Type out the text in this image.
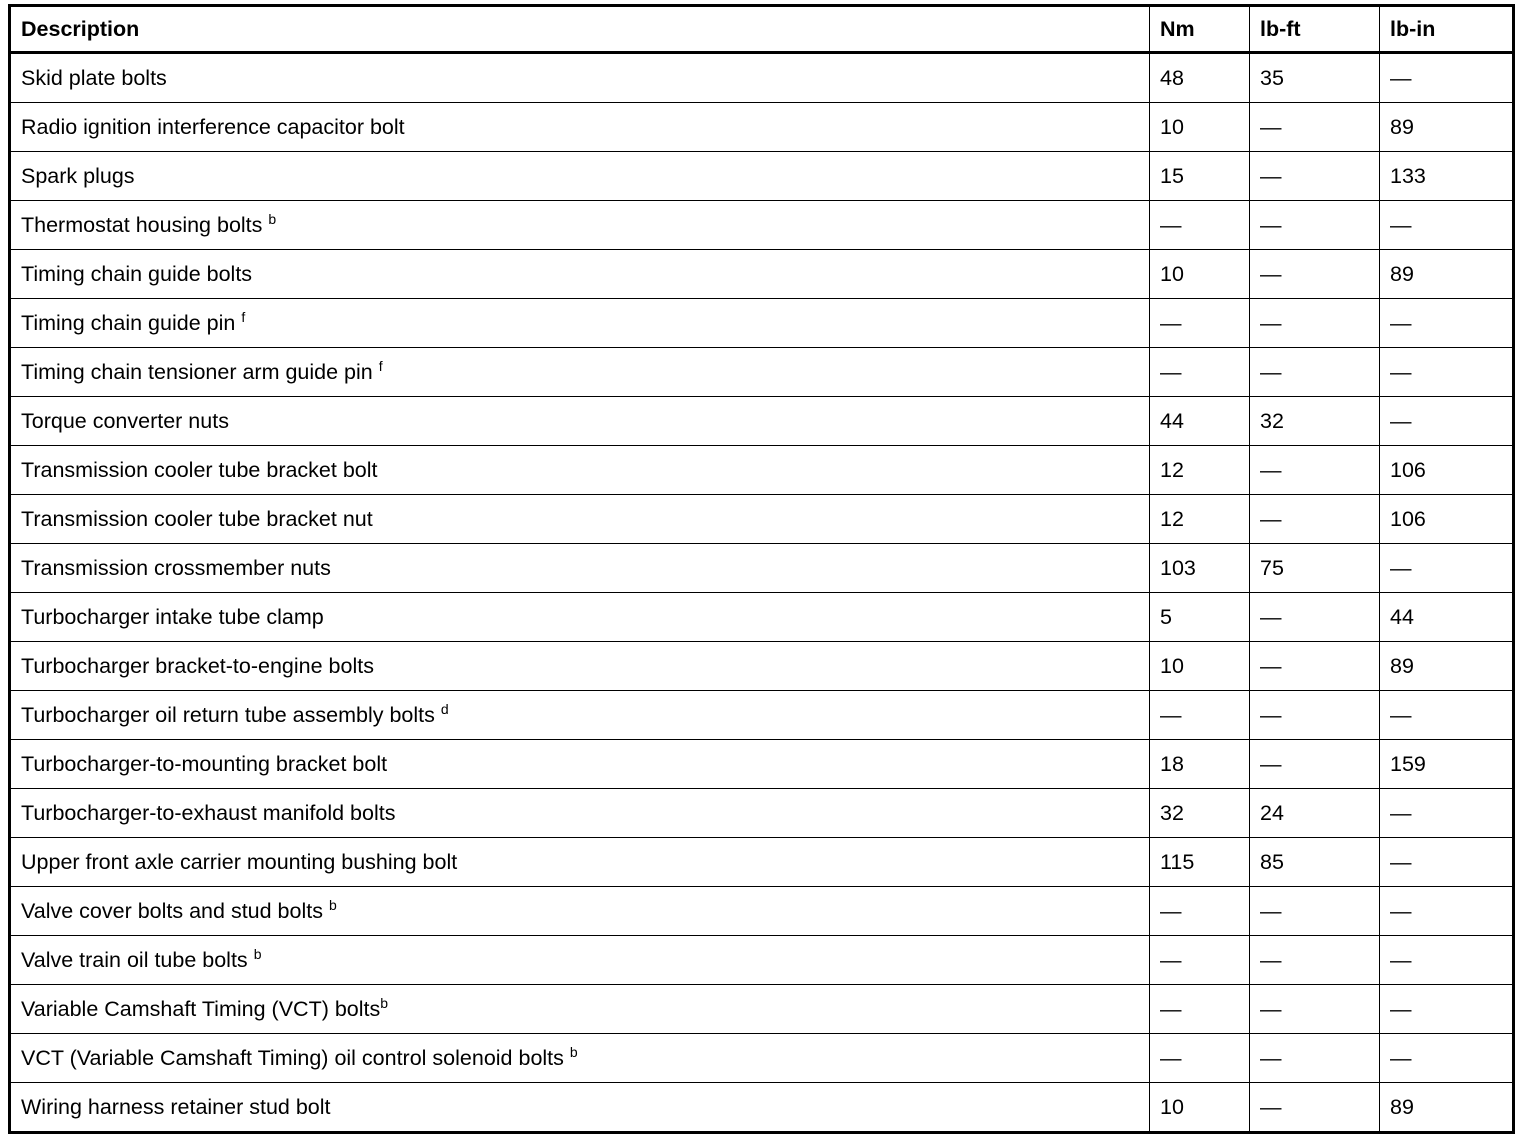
Description	Nm	lb-ft	lb-in
Skid plate bolts	48	35	—
Radio ignition interference capacitor bolt	10	—	89
Spark plugs	15	—	133
Thermostat housing bolts $^b$	—	—	—
Timing chain guide bolts	10	—	89
Timing chain guide pin $^f$	—	—	—
Timing chain tensioner arm guide pin $^f$	—	—	—
Torque converter nuts	44	32	—
Transmission cooler tube bracket bolt	12	—	106
Transmission cooler tube bracket nut	12	—	106
Transmission crossmember nuts	103	75	—
Turbocharger intake tube clamp	5	—	44
Turbocharger bracket-to-engine bolts	10	—	89
Turbocharger oil return tube assembly bolts $^d$	—	—	—
Turbocharger-to-mounting bracket bolt	18	—	159
Turbocharger-to-exhaust manifold bolts	32	24	—
Upper front axle carrier mounting bushing bolt	115	85	—
Valve cover bolts and stud bolts $^b$	—	—	—
Valve train oil tube bolts $^b$	—	—	—
Variable Camshaft Timing (VCT) bolts$^b$	—	—	—
VCT (Variable Camshaft Timing) oil control solenoid bolts $^b$	—	—	—
Wiring harness retainer stud bolt	10	—	89
